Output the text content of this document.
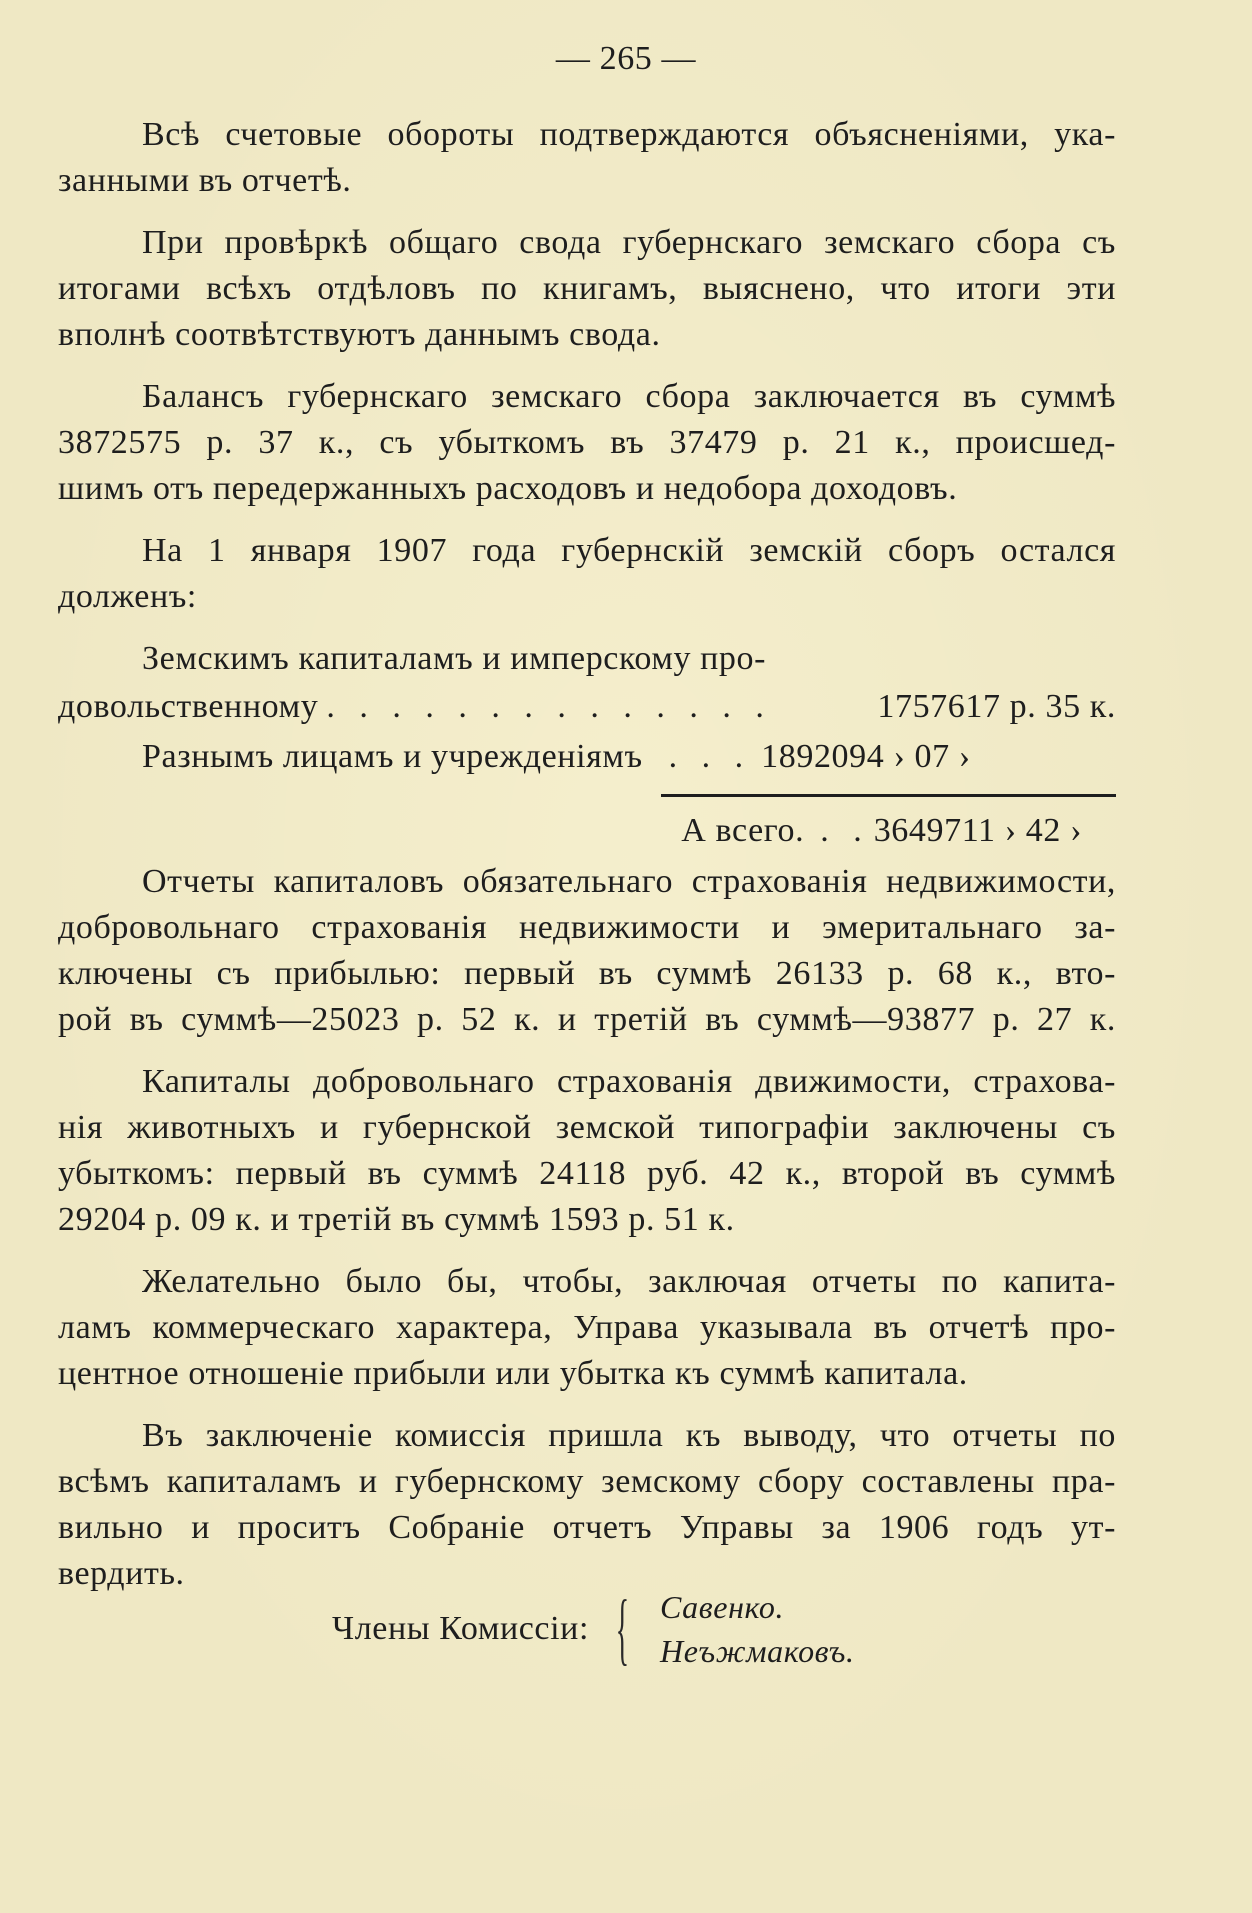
— 265 —
Всѣ счетовые обороты подтверждаются объясненіями, ука-
занными въ отчетѣ.
При провѣркѣ общаго свода губернскаго земскаго сбора съ
итогами всѣхъ отдѣловъ по книгамъ, выяснено, что итоги эти
вполнѣ соотвѣтствуютъ даннымъ свода.
Балансъ губернскаго земскаго сбора заключается въ суммѣ
3872575 р. 37 к., съ убыткомъ въ 37479 р. 21 к., происшед-
шимъ отъ передержанныхъ расходовъ и недобора доходовъ.
На 1 января 1907 года губернскій земскій сборъ остался
долженъ:
Земскимъ капиталамъ и имперскому про-
довольственному . . . . . . . . . . . . . .	1757617 р. 35 к.
Разнымъ лицамъ и учрежденіямъ . . . 1892094 › 07 ›
А всего. . . 3649711 › 42 ›
Отчеты капиталовъ обязательнаго страхованія недвижимости,
добровольнаго страхованія недвижимости и эмеритальнаго за-
ключены съ прибылью: первый въ суммѣ 26133 р. 68 к., вто-
рой въ суммѣ—25023 р. 52 к. и третій въ суммѣ—93877 р. 27 к.
Капиталы добровольнаго страхованія движимости, страхова-
нія животныхъ и губернской земской типографіи заключены съ
убыткомъ: первый въ суммѣ 24118 руб. 42 к., второй въ суммѣ
29204 р. 09 к. и третій въ суммѣ 1593 р. 51 к.
Желательно было бы, чтобы, заключая отчеты по капита-
ламъ коммерческаго характера, Управа указывала въ отчетѣ про-
центное отношеніе прибыли или убытка къ суммѣ капитала.
Въ заключеніе комиссія пришла къ выводу, что отчеты по
всѣмъ капиталамъ и губернскому земскому сбору составлены пра-
вильно и проситъ Собраніе отчетъ Управы за 1906 годъ ут-
вердить.
Члены Комиссіи: { Савенко.
Неъжмаковъ.
